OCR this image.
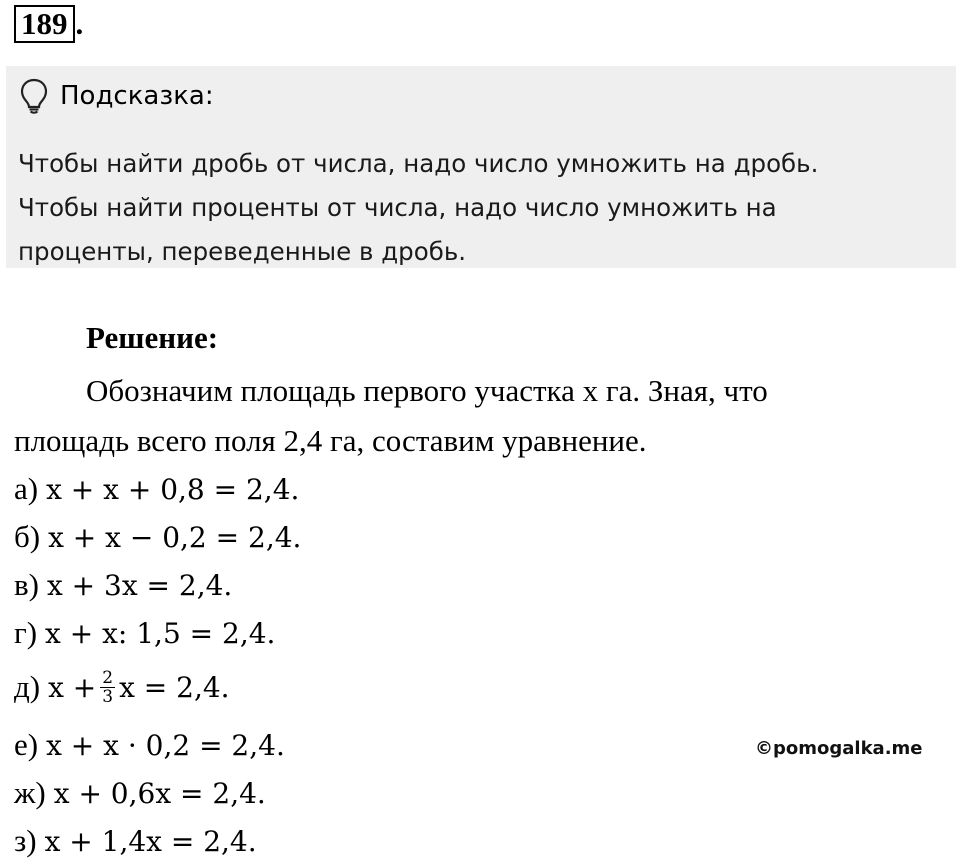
189 .
Подсказка:

Чтобы найти дробь от числа, надо число умножить на дробь.

Чтобы найти проценты от числа, надо число умножить на

проценты, переведенные в дробь.

Решение:
Обозначим площадь первого участка x га. Зная, что
площадь всего поля 2,4 га, составим уравнение.
а) x + x + 0,8 = 2,4.
б) x + x − 0,2 = 2,4.
в) x + 3x = 2,4.
г) x + x: 1,5 = 2,4.
д) $x + \frac{2}{3}$ x = 2,4.
е) x + x · 0,2 = 2,4.
ж) x + 0,6x = 2,4.
з) x + 1,4x = 2,4.
©pomogalka.me
